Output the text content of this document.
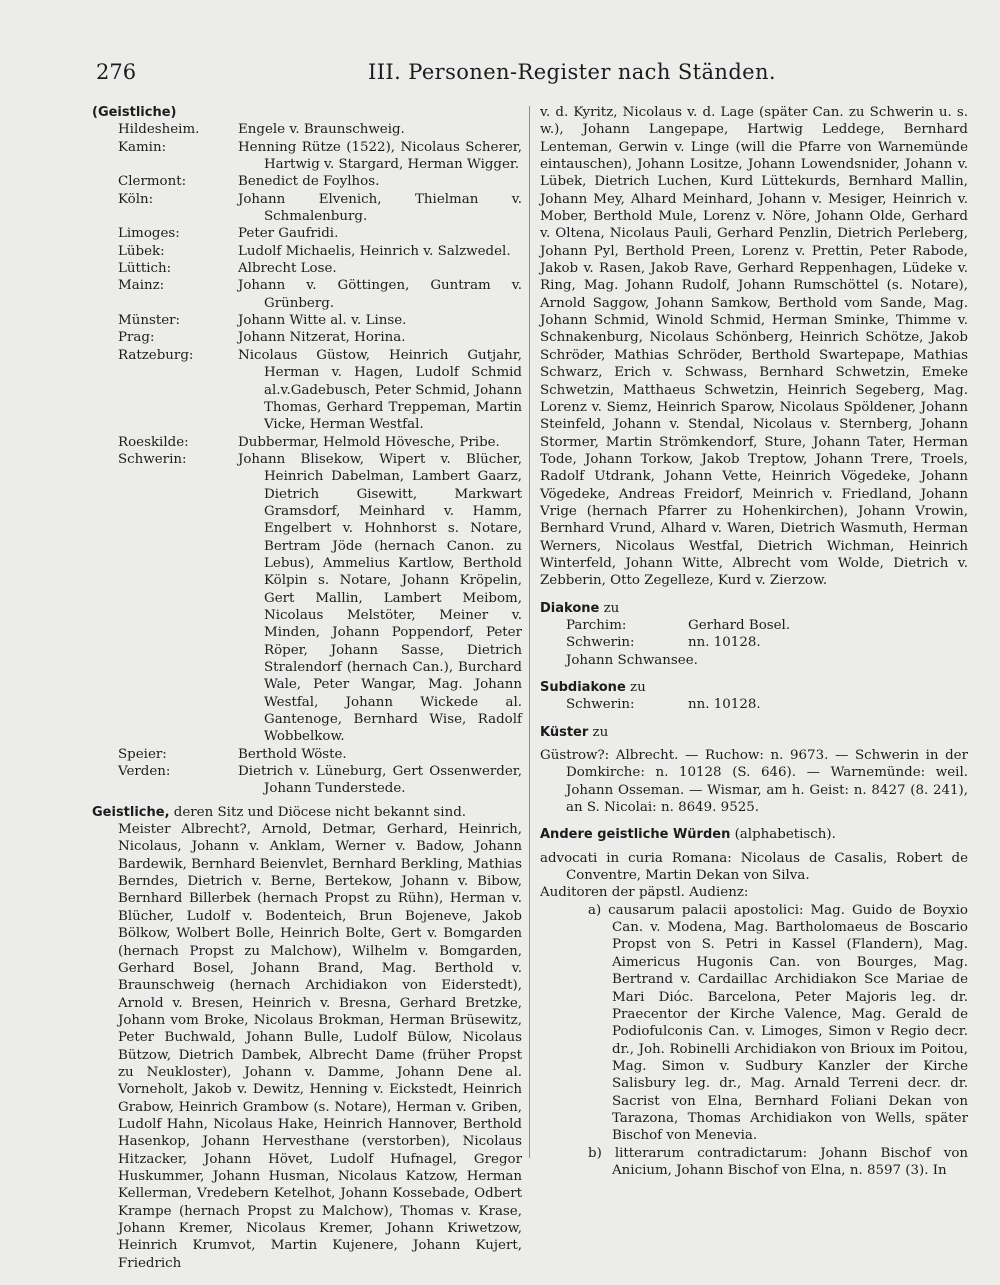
276	III. Personen-Register nach Ständen.
(Geistliche)
Hildesheim.	Engele v. Braunschweig.
Kamin:	Henning Rütze (1522), Nicolaus Scherer, Hartwig v. Stargard, Herman Wigger.
Clermont:	Benedict de Foylhos.
Köln:	Johann Elvenich, Thielman v. Schmalenburg.
Limoges:	Peter Gaufridi.
Lübek:	Ludolf Michaelis, Heinrich v. Salzwedel.
Lüttich:	Albrecht Lose.
Mainz:	Johann v. Göttingen, Guntram v. Grünberg.
Münster:	Johann Witte al. v. Linse.
Prag:	Johann Nitzerat, Horina.
Ratzeburg:	Nicolaus Güstow, Heinrich Gutjahr, Herman v. Hagen, Ludolf Schmid al.v.Gadebusch, Peter Schmid, Johann Thomas, Gerhard Treppeman, Martin Vicke, Herman Westfal.
Roeskilde:	Dubbermar, Helmold Hövesche, Pribe.
Schwerin:	Johann Blisekow, Wipert v. Blücher, Heinrich Dabelman, Lambert Gaarz, Dietrich Gisewitt, Markwart Gramsdorf, Meinhard v. Hamm, Engelbert v. Hohnhorst s. Notare, Bertram Jöde (hernach Canon. zu Lebus), Ammelius Kartlow, Berthold Kölpin s. Notare, Johann Kröpelin, Gert Mallin, Lambert Meibom, Nicolaus Melstöter, Meiner v. Minden, Johann Poppendorf, Peter Röper, Johann Sasse, Dietrich Stralendorf (hernach Can.), Burchard Wale, Peter Wangar, Mag. Johann Westfal, Johann Wickede al. Gantenoge, Bernhard Wise, Radolf Wobbelkow.
Speier:	Berthold Wöste.
Verden:	Dietrich v. Lüneburg, Gert Ossenwerder, Johann Tunderstede.
Geistliche, deren Sitz und Diöcese nicht bekannt sind.

Meister Albrecht?, Arnold, Detmar, Gerhard, Heinrich, Nicolaus, Johann v. Anklam, Werner v. Badow, Johann Bardewik, Bernhard Beienvlet, Bernhard Berkling, Mathias Berndes, Dietrich v. Berne, Bertekow, Johann v. Bibow, Bernhard Billerbek (hernach Propst zu Rühn), Herman v. Blücher, Ludolf v. Bodenteich, Brun Bojeneve, Jakob Bölkow, Wolbert Bolle, Heinrich Bolte, Gert v. Bomgarden (hernach Propst zu Malchow), Wilhelm v. Bomgarden, Gerhard Bosel, Johann Brand, Mag. Berthold v. Braunschweig (hernach Archidiakon von Eiderstedt), Arnold v. Bresen, Heinrich v. Bresna, Gerhard Bretzke, Johann vom Broke, Nicolaus Brokman, Herman Brüsewitz, Peter Buchwald, Johann Bulle, Ludolf Bülow, Nicolaus Bützow, Dietrich Dambek, Albrecht Dame (früher Propst zu Neukloster), Johann v. Damme, Johann Dene al. Vorneholt, Jakob v. Dewitz, Henning v. Eickstedt, Heinrich Grabow, Heinrich Grambow (s. Notare), Herman v. Griben, Ludolf Hahn, Nicolaus Hake, Heinrich Hannover, Berthold Hasenkop, Johann Hervesthane (verstorben), Nicolaus Hitzacker, Johann Hövet, Ludolf Hufnagel, Gregor Huskummer, Johann Husman, Nicolaus Katzow, Herman Kellerman, Vredebern Ketelhot, Johann Kossebade, Odbert Krampe (hernach Propst zu Malchow), Thomas v. Krase, Johann Kremer, Nicolaus Kremer, Johann Kriwetzow, Heinrich Krumvot, Martin Kujenere, Johann Kujert, Friedrich

v. d. Kyritz, Nicolaus v. d. Lage (später Can. zu Schwerin u. s. w.), Johann Langepape, Hartwig Leddege, Bernhard Lenteman, Gerwin v. Linge (will die Pfarre von Warnemünde eintauschen), Johann Lositze, Johann Lowendsnider, Johann v. Lübek, Dietrich Luchen, Kurd Lüttekurds, Bernhard Mallin, Johann Mey, Alhard Meinhard, Johann v. Mesiger, Heinrich v. Mober, Berthold Mule, Lorenz v. Nöre, Johann Olde, Gerhard v. Oltena, Nicolaus Pauli, Gerhard Penzlin, Dietrich Perleberg, Johann Pyl, Berthold Preen, Lorenz v. Prettin, Peter Rabode, Jakob v. Rasen, Jakob Rave, Gerhard Reppenhagen, Lüdeke v. Ring, Mag. Johann Rudolf, Johann Rumschöttel (s. Notare), Arnold Saggow, Johann Samkow, Berthold vom Sande, Mag. Johann Schmid, Winold Schmid, Herman Sminke, Thimme v. Schnakenburg, Nicolaus Schönberg, Heinrich Schötze, Jakob Schröder, Mathias Schröder, Berthold Swartepape, Mathias Schwarz, Erich v. Schwass, Bernhard Schwetzin, Emeke Schwetzin, Matthaeus Schwetzin, Heinrich Segeberg, Mag. Lorenz v. Siemz, Heinrich Sparow, Nicolaus Spöldener, Johann Steinfeld, Johann v. Stendal, Nicolaus v. Sternberg, Johann Stormer, Martin Strömkendorf, Sture, Johann Tater, Herman Tode, Johann Torkow, Jakob Treptow, Johann Trere, Troels, Radolf Utdrank, Johann Vette, Heinrich Vögedeke, Johann Vögedeke, Andreas Freidorf, Meinrich v. Friedland, Johann Vrige (hernach Pfarrer zu Hohenkirchen), Johann Vrowin, Bernhard Vrund, Alhard v. Waren, Dietrich Wasmuth, Herman Werners, Nicolaus Westfal, Dietrich Wichman, Heinrich Winterfeld, Johann Witte, Albrecht vom Wolde, Dietrich v. Zebberin, Otto Zegelleze, Kurd v. Zierzow.

Diakone zu
Parchim:	Gerhard Bosel.
Schwerin:	nn. 10128.
Johann Schwansee.
Subdiakone zu
Schwerin:	nn. 10128.
Küster zu

Güstrow?: Albrecht. — Ruchow: n. 9673. — Schwerin in der Domkirche: n. 10128 (S. 646). — Warnemünde: weil. Johann Osseman. — Wismar, am h. Geist: n. 8427 (8. 241), an S. Nicolai: n. 8649. 9525.

Andere geistliche Würden (alphabetisch).

advocati in curia Romana: Nicolaus de Casalis, Robert de Conventre, Martin Dekan von Silva.

Auditoren der päpstl. Audienz:

a) causarum palacii apostolici: Mag. Guido de Boyxio Can. v. Modena, Mag. Bartholomaeus de Boscario Propst von S. Petri in Kassel (Flandern), Mag. Aimericus Hugonis Can. von Bourges, Mag. Bertrand v. Cardaillac Archidiakon Sce Mariae de Mari Dióc. Barcelona, Peter Majoris leg. dr. Praecentor der Kirche Valence, Mag. Gerald de Podiofulconis Can. v. Limoges, Simon v Regio decr. dr., Joh. Robinelli Archidiakon von Brioux im Poitou, Mag. Simon v. Sudbury Kanzler der Kirche Salisbury leg. dr., Mag. Arnald Terreni decr. dr. Sacrist von Elna, Bernhard Foliani Dekan von Tarazona, Thomas Archidiakon von Wells, später Bischof von Menevia.

b) litterarum contradictarum: Johann Bischof von Anicium, Johann Bischof von Elna, n. 8597 (3). In
